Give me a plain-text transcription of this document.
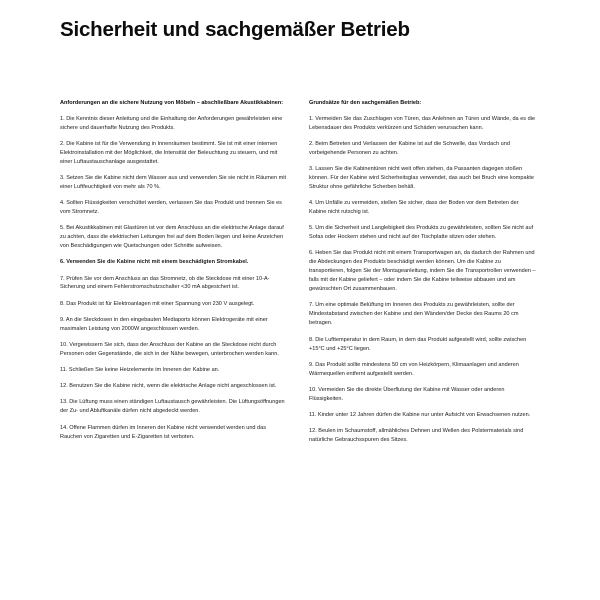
Sicherheit und sachgemäßer Betrieb

Anforderungen an die sichere Nutzung von Möbeln – abschließbare Akustikkabinen:

1. Die Kenntnis dieser Anleitung und die Einhaltung der Anforderungen gewährleisten eine sichere und dauerhafte Nutzung des Produkts.

2. Die Kabine ist für die Verwendung in Innenräumen bestimmt. Sie ist mit einer internen Elektroinstallation mit der Möglichkeit, die Intensität der Beleuchtung zu steuern, und mit einer Luftaustauschanlage ausgestattet.

3. Setzen Sie die Kabine nicht dem Wasser aus und verwenden Sie sie nicht in Räumen mit einer Luftfeuchtigkeit von mehr als 70 %.

4. Sollten Flüssigkeiten verschüttet werden, verlassen Sie das Produkt und trennen Sie es vom Stromnetz.

5. Bei Akustikkabinen mit Glastüren ist vor dem Anschluss an die elektrische Anlage darauf zu achten, dass die elektrischen Leitungen frei auf dem Boden liegen und keine Anzeichen von Beschädigungen wie Quetschungen oder Schnitte aufweisen.

6. Verwenden Sie die Kabine nicht mit einem beschädigten Stromkabel.

7. Prüfen Sie vor dem Anschluss an das Stromnetz, ob die Steckdose mit einer 10-A-Sicherung und einem Fehlerstromschutzschalter <30 mA abgesichert ist.

8. Das Produkt ist für Elektroanlagen mit einer Spannung von 230 V ausgelegt.

9. An die Steckdosen in den eingebauten Mediaports können Elektrogeräte mit einer maximalen Leistung von 2000W angeschlossen werden.

10. Vergewissern Sie sich, dass der Anschluss der Kabine an die Steckdose nicht durch Personen oder Gegenstände, die sich in der Nähe bewegen, unterbrochen werden kann.

11. Schließen Sie keine Heizelemente im Inneren der Kabine an.

12. Benutzen Sie die Kabine nicht, wenn die elektrische Anlage nicht angeschlossen ist.

13. Die Lüftung muss einen ständigen Luftaustausch gewährleisten. Die Lüftungsöffnungen der Zu- und Abluftkanäle dürfen nicht abgedeckt werden.

14. Offene Flammen dürfen im Inneren der Kabine nicht verwendet werden und das Rauchen von Zigaretten und E-Zigaretten ist verboten.

Grundsätze für den sachgemäßen Betrieb:

1. Vermeiden Sie das Zuschlagen von Türen, das Anlehnen an Türen und Wände, da es die Lebensdauer des Produkts verkürzen und Schäden verursachen kann.

2. Beim Betreten und Verlassen der Kabine ist auf die Schwelle, das Vordach und vorbeigehende Personen zu achten.

3. Lassen Sie die Kabinentüren nicht weit offen stehen, da Passanten dagegen stoßen können. Für der Kabine wird Sicherheitsglas verwendet, das auch bei Bruch eine kompakte Struktur ohne gefährliche Scherben behält.

4. Um Unfälle zu vermeiden, stellen Sie sicher, dass der Boden vor dem Betreten der Kabine nicht rutschig ist.

5. Um die Sicherheit und Langlebigkeit des Produkts zu gewährleisten, sollten Sie nicht auf Sofas oder Hockern stehen und nicht auf der Tischplatte sitzen oder stehen.

6. Heben Sie das Produkt nicht mit einem Transportwagen an, da dadurch der Rahmen und die Abdeckungen des Produkts beschädigt werden können. Um die Kabine zu transportieren, folgen Sie der Montageanleitung, indem Sie die Transportrollen verwenden – falls mit der Kabine geliefert – oder indem Sie die Kabine teilweise abbauen und am gewünschten Ort zusammenbauen.

7. Um eine optimale Belüftung im Inneren des Produkts zu gewährleisten, sollte der Mindestabstand zwischen der Kabine und den Wänden/der Decke des Raums 20 cm betragen.

8. Die Lufttemperatur in dem Raum, in dem das Produkt aufgestellt wird, sollte zwischen +15°C und +25°C liegen.

9. Das Produkt sollte mindestens 50 cm von Heizkörpern, Klimaanlagen und anderen Wärmequellen entfernt aufgestellt werden.

10. Vermeiden Sie die direkte Überflutung der Kabine mit Wasser oder anderen Flüssigkeiten.

11. Kinder unter 12 Jahren dürfen die Kabine nur unter Aufsicht von Erwachsenen nutzen.

12. Beulen im Schaumstoff, allmähliches Dehnen und Wellen des Polstermaterials sind natürliche Gebrauchsspuren des Sitzes.
